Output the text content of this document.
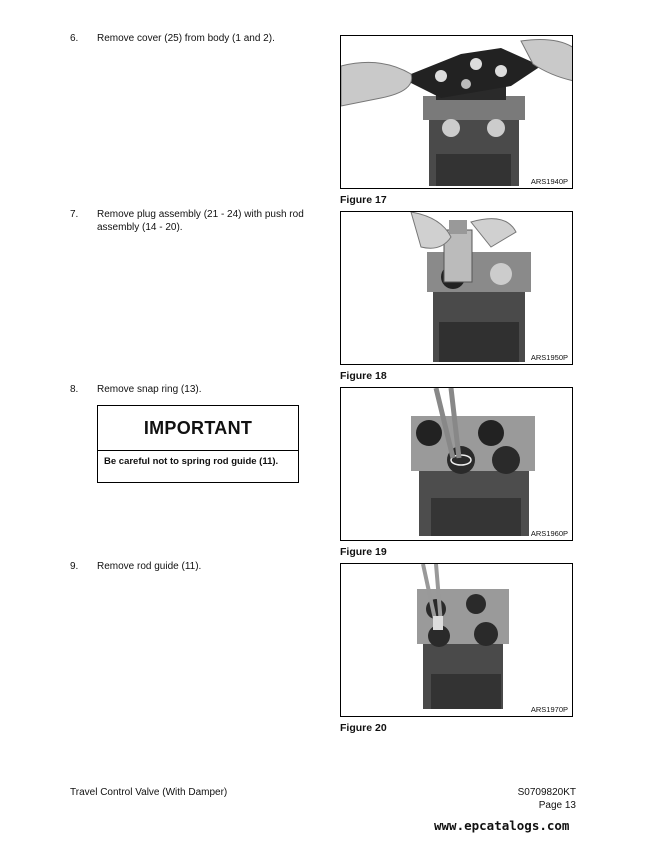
6.	Remove cover (25) from body (1 and 2).
7.	Remove plug assembly (21 - 24) with push rod assembly (14 - 20).
8.	Remove snap ring (13).
9.	Remove rod guide (11).
IMPORTANT
Be careful not to spring rod guide (11).
ARS1940P
Figure 17
ARS1950P
Figure 18
ARS1960P
Figure 19
ARS1970P
Figure 20
Travel Control Valve (With Damper)	S0709820KT
Page 13
www.epcatalogs.com
